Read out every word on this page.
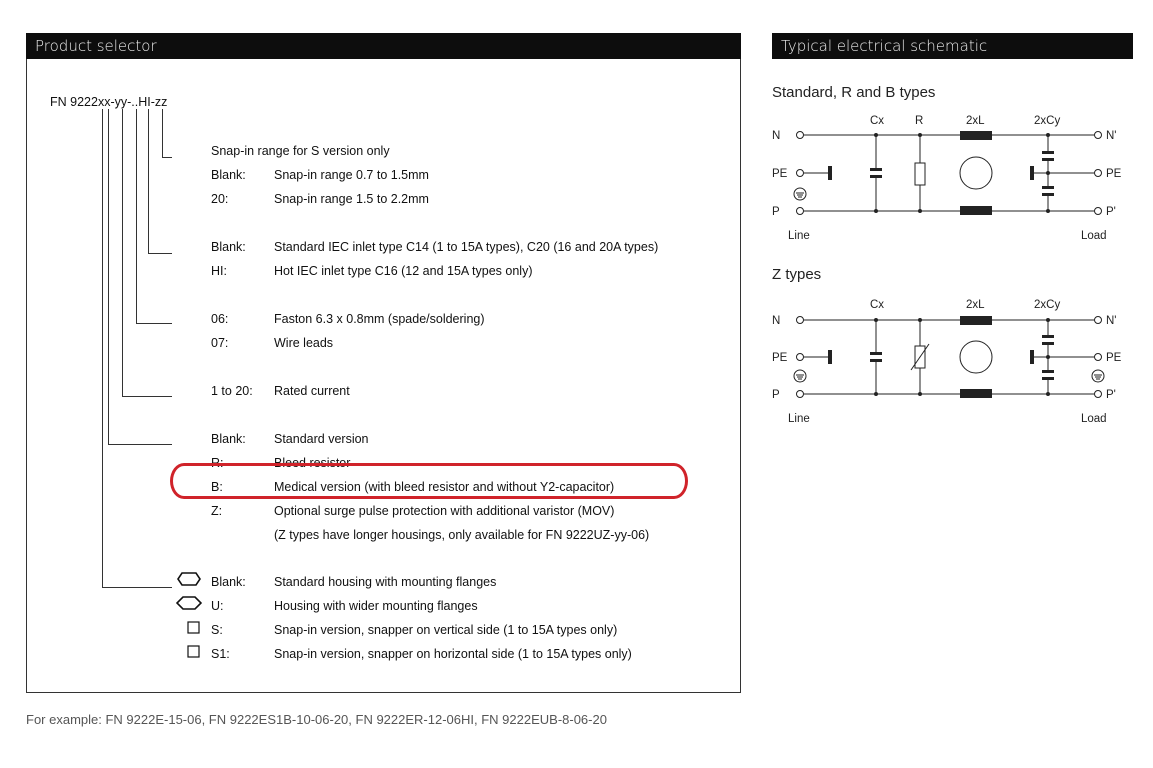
Product selector
FN 9222xx-yy-..HI-zz
Snap-in range for S version only
Blank: Snap-in range 0.7 to 1.5mm
20:	Snap-in range 1.5 to 2.2mm
Blank: Standard IEC inlet type C14 (1 to 15A types), C20 (16 and 20A types)
HI:	Hot IEC inlet type C16 (12 and 15A types only)
06:	Faston 6.3 x 0.8mm (spade/soldering)
07:	Wire leads
1 to 20: Rated current
Blank: Standard version
R:	Bleed resistor
B:	Medical version (with bleed resistor and without Y2-capacitor)
Z:	Optional surge pulse protection with additional varistor (MOV)
(Z types have longer housings, only available for FN 9222UZ-yy-06)
Blank: Standard housing with mounting flanges
U:	Housing with wider mounting flanges
S:	Snap-in version, snapper on vertical side (1 to 15A types only)
S1:	Snap-in version, snapper on horizontal side (1 to 15A types only)
For example: FN 9222E-15-06, FN 9222ES1B-10-06-20, FN 9222ER-12-06HI, FN 9222EUB-8-06-20
Typical electrical schematic
Standard, R and B types
Z types
Cx	R	2xL	2xCy
N
PE
P
N'
PE
P'
Line	Load
Cx	2xL	2xCy
N
PE
P
N'
PE
P'
Line	Load
